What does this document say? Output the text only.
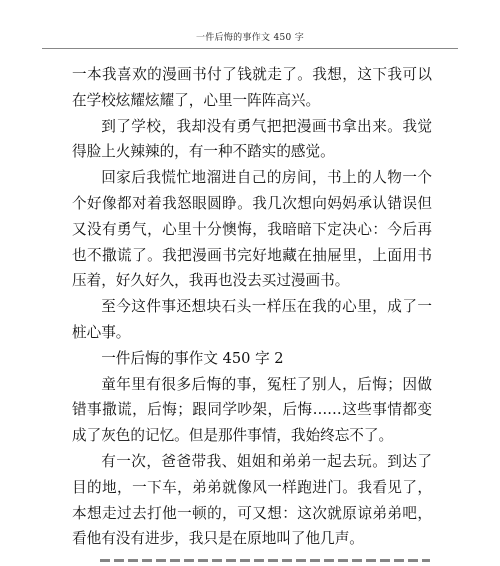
一件后悔的事作文 450 字

一本我喜欢的漫画书付了钱就走了。我想，这下我可以在学校炫耀炫耀了，心里一阵阵高兴。

到了学校，我却没有勇气把把漫画书拿出来。我觉得脸上火辣辣的，有一种不踏实的感觉。

回家后我慌忙地溜进自己的房间，书上的人物一个个好像都对着我怒眼圆睁。我几次想向妈妈承认错误但又没有勇气，心里十分懊悔，我暗暗下定决心：今后再也不撒谎了。我把漫画书完好地藏在抽屉里，上面用书压着，好久好久，我再也没去买过漫画书。

至今这件事还想块石头一样压在我的心里，成了一桩心事。

一件后悔的事作文 450 字 2

童年里有很多后悔的事，冤枉了别人，后悔；因做错事撒谎，后悔；跟同学吵架，后悔……这些事情都变成了灰色的记忆。但是那件事情，我始终忘不了。

有一次，爸爸带我、姐姐和弟弟一起去玩。到达了目的地，一下车，弟弟就像风一样跑进门。我看见了，本想走过去打他一顿的，可又想：这次就原谅弟弟吧，看他有没有进步，我只是在原地叫了他几声。
